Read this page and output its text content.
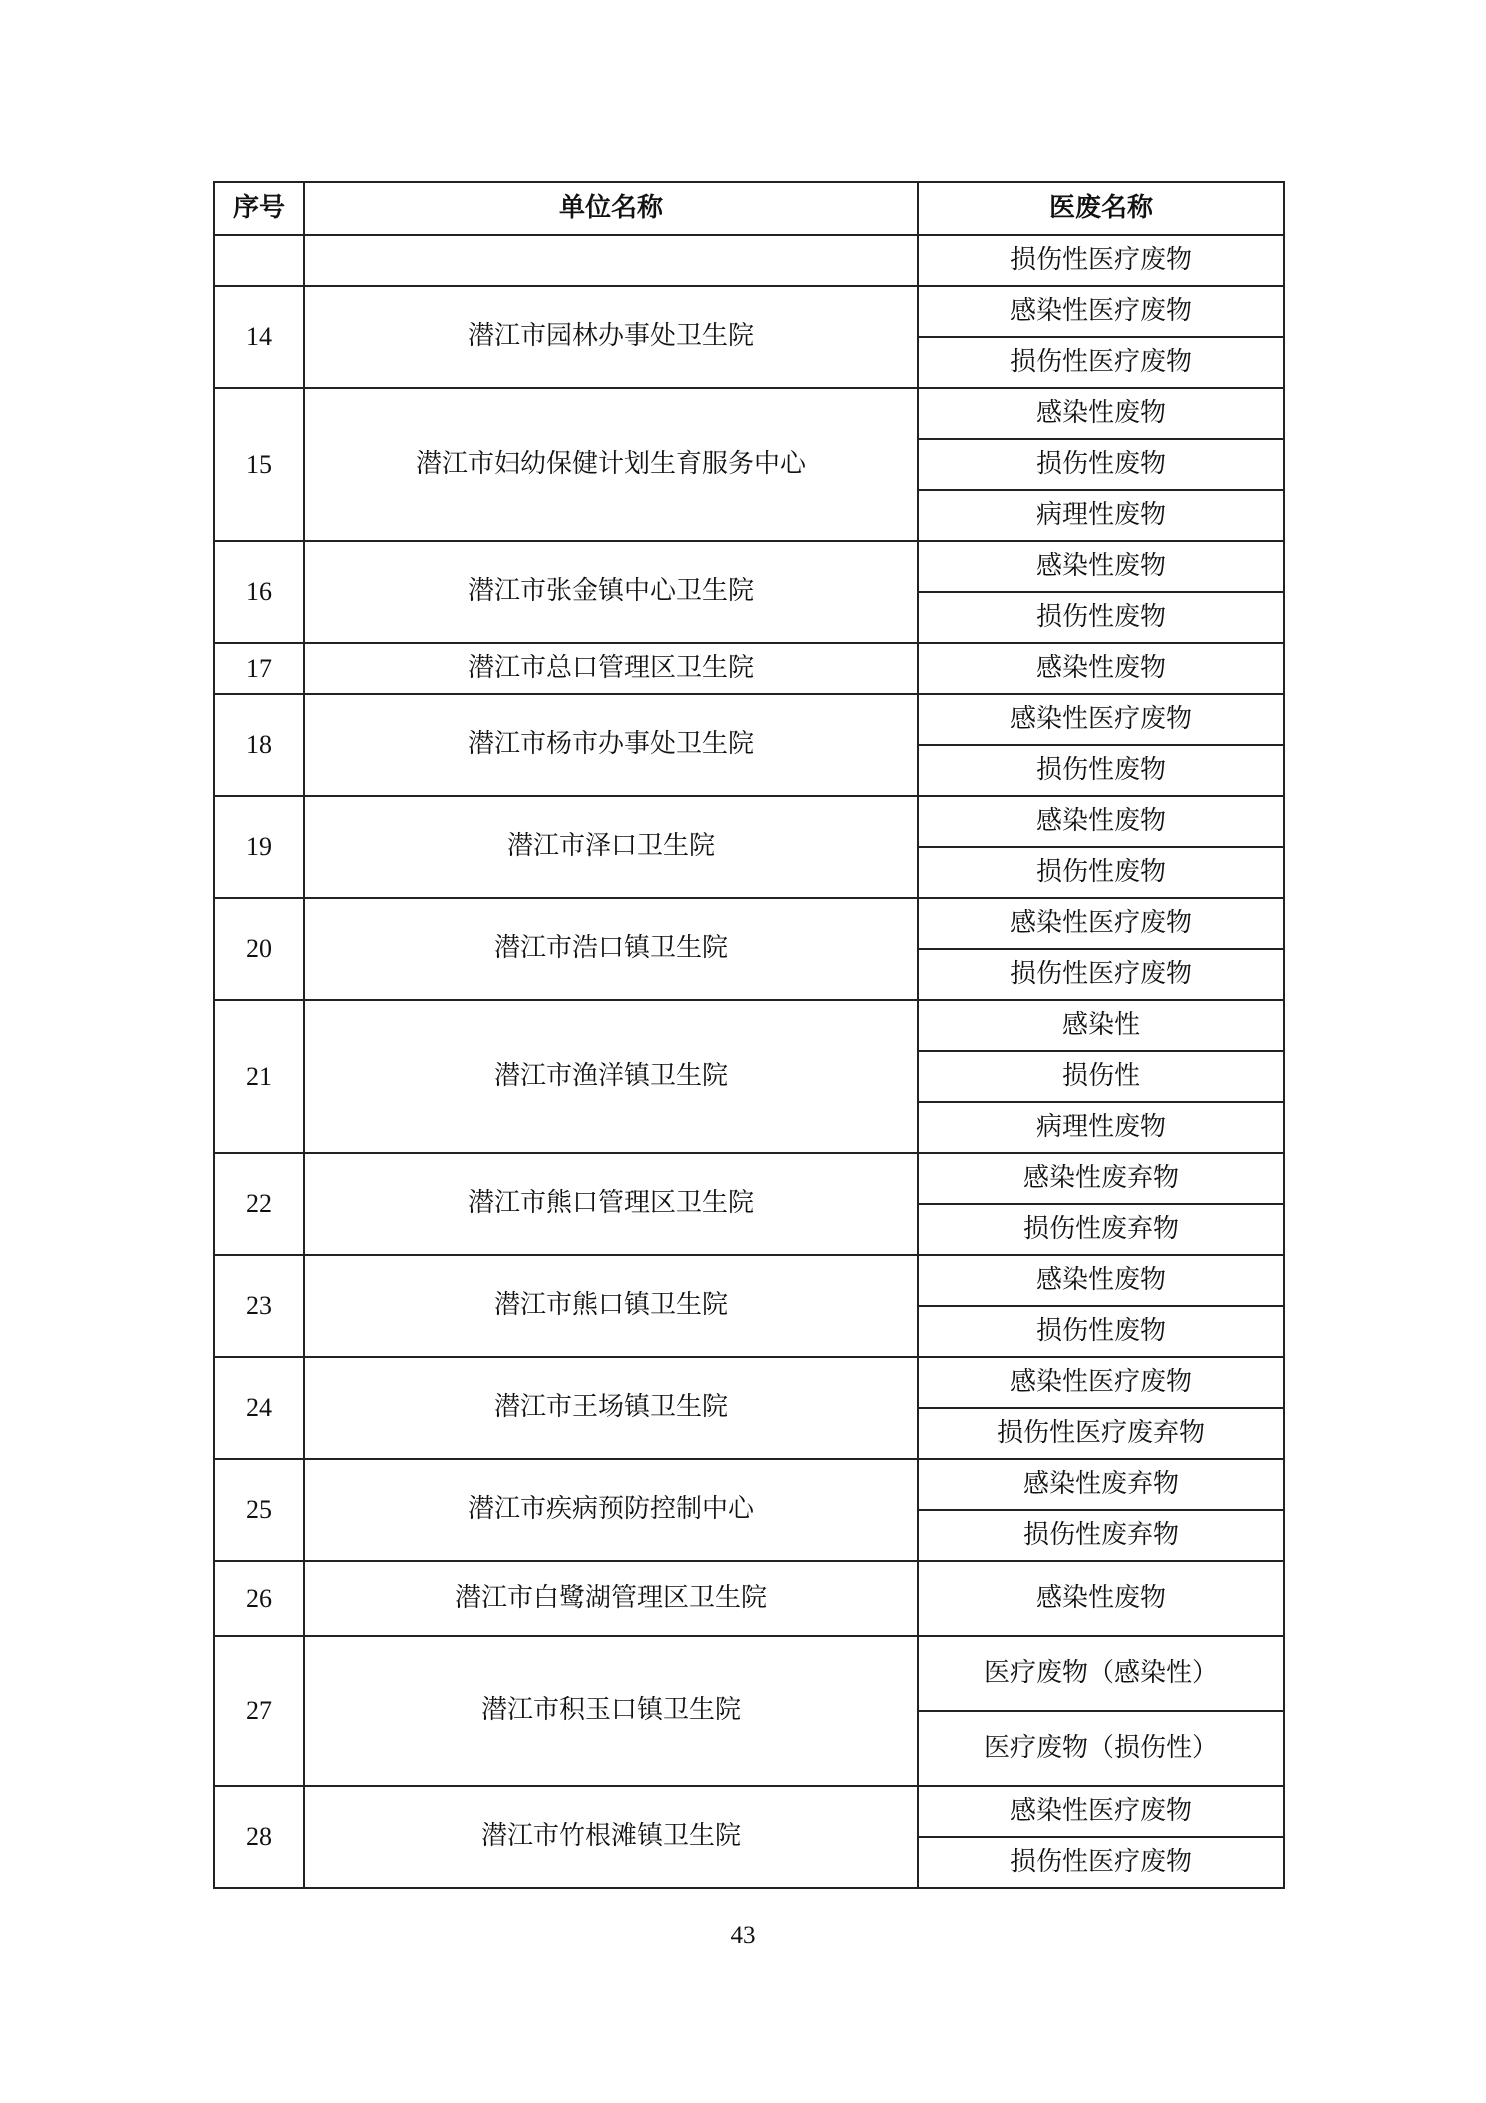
序号	单位名称	医废名称
		损伤性医疗废物
14	潜江市园林办事处卫生院	感染性医疗废物
		损伤性医疗废物
15	潜江市妇幼保健计划生育服务中心	感染性废物
		损伤性废物
		病理性废物
16	潜江市张金镇中心卫生院	感染性废物
		损伤性废物
17	潜江市总口管理区卫生院	感染性废物
18	潜江市杨市办事处卫生院	感染性医疗废物
		损伤性废物
19	潜江市泽口卫生院	感染性废物
		损伤性废物
20	潜江市浩口镇卫生院	感染性医疗废物
		损伤性医疗废物
21	潜江市渔洋镇卫生院	感染性
		损伤性
		病理性废物
22	潜江市熊口管理区卫生院	感染性废弃物
		损伤性废弃物
23	潜江市熊口镇卫生院	感染性废物
		损伤性废物
24	潜江市王场镇卫生院	感染性医疗废物
		损伤性医疗废弃物
25	潜江市疾病预防控制中心	感染性废弃物
		损伤性废弃物
26	潜江市白鹭湖管理区卫生院	感染性废物
27	潜江市积玉口镇卫生院	医疗废物（感染性）
		医疗废物（损伤性）
28	潜江市竹根滩镇卫生院	感染性医疗废物
		损伤性医疗废物
43
